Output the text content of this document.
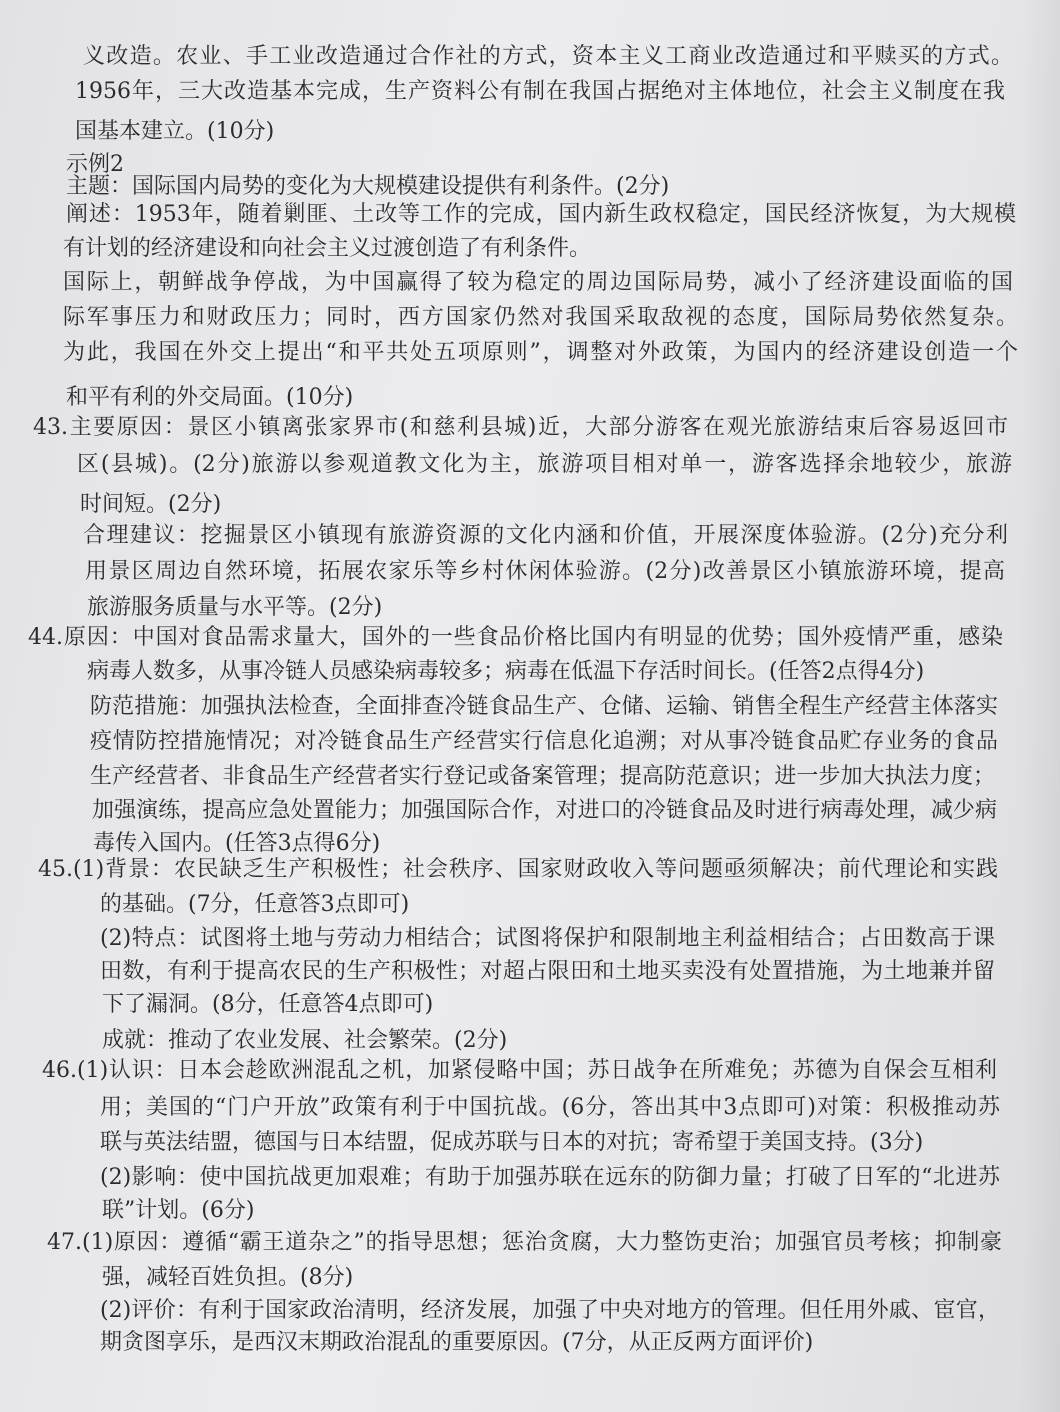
义改造。农业、手工业改造通过合作社的方式，资本主义工商业改造通过和平赎买的方式。
1956年，三大改造基本完成，生产资料公有制在我国占据绝对主体地位，社会主义制度在我
国基本建立。(10分)
示例2
主题：国际国内局势的变化为大规模建设提供有利条件。(2分)
阐述：1953年，随着剿匪、土改等工作的完成，国内新生政权稳定，国民经济恢复，为大规模
有计划的经济建设和向社会主义过渡创造了有利条件。
国际上，朝鲜战争停战，为中国赢得了较为稳定的周边国际局势，减小了经济建设面临的国
际军事压力和财政压力；同时，西方国家仍然对我国采取敌视的态度，国际局势依然复杂。
为此，我国在外交上提出“和平共处五项原则”，调整对外政策，为国内的经济建设创造一个
和平有利的外交局面。(10分)
43.主要原因：景区小镇离张家界市(和慈利县城)近，大部分游客在观光旅游结束后容易返回市
区(县城)。(2分)旅游以参观道教文化为主，旅游项目相对单一，游客选择余地较少，旅游
时间短。(2分)
合理建议：挖掘景区小镇现有旅游资源的文化内涵和价值，开展深度体验游。(2分)充分利
用景区周边自然环境，拓展农家乐等乡村休闲体验游。(2分)改善景区小镇旅游环境，提高
旅游服务质量与水平等。(2分)
44.原因：中国对食品需求量大，国外的一些食品价格比国内有明显的优势；国外疫情严重，感染
病毒人数多，从事冷链人员感染病毒较多；病毒在低温下存活时间长。(任答2点得4分)
防范措施：加强执法检查，全面排查冷链食品生产、仓储、运输、销售全程生产经营主体落实
疫情防控措施情况；对冷链食品生产经营实行信息化追溯；对从事冷链食品贮存业务的食品
生产经营者、非食品生产经营者实行登记或备案管理；提高防范意识；进一步加大执法力度；
加强演练，提高应急处置能力；加强国际合作，对进口的冷链食品及时进行病毒处理，减少病
毒传入国内。(任答3点得6分)
45.(1)背景：农民缺乏生产积极性；社会秩序、国家财政收入等问题亟须解决；前代理论和实践
的基础。(7分，任意答3点即可)
(2)特点：试图将土地与劳动力相结合；试图将保护和限制地主利益相结合；占田数高于课
田数，有利于提高农民的生产积极性；对超占限田和土地买卖没有处置措施，为土地兼并留
下了漏洞。(8分，任意答4点即可)
成就：推动了农业发展、社会繁荣。(2分)
46.(1)认识：日本会趁欧洲混乱之机，加紧侵略中国；苏日战争在所难免；苏德为自保会互相利
用；美国的“门户开放”政策有利于中国抗战。(6分，答出其中3点即可)对策：积极推动苏
联与英法结盟，德国与日本结盟，促成苏联与日本的对抗；寄希望于美国支持。(3分)
(2)影响：使中国抗战更加艰难；有助于加强苏联在远东的防御力量；打破了日军的“北进苏
联”计划。(6分)
47.(1)原因：遵循“霸王道杂之”的指导思想；惩治贪腐，大力整饬吏治；加强官员考核；抑制豪
强，减轻百姓负担。(8分)
(2)评价：有利于国家政治清明，经济发展，加强了中央对地方的管理。但任用外戚、宦官，
期贪图享乐，是西汉末期政治混乱的重要原因。(7分，从正反两方面评价)
